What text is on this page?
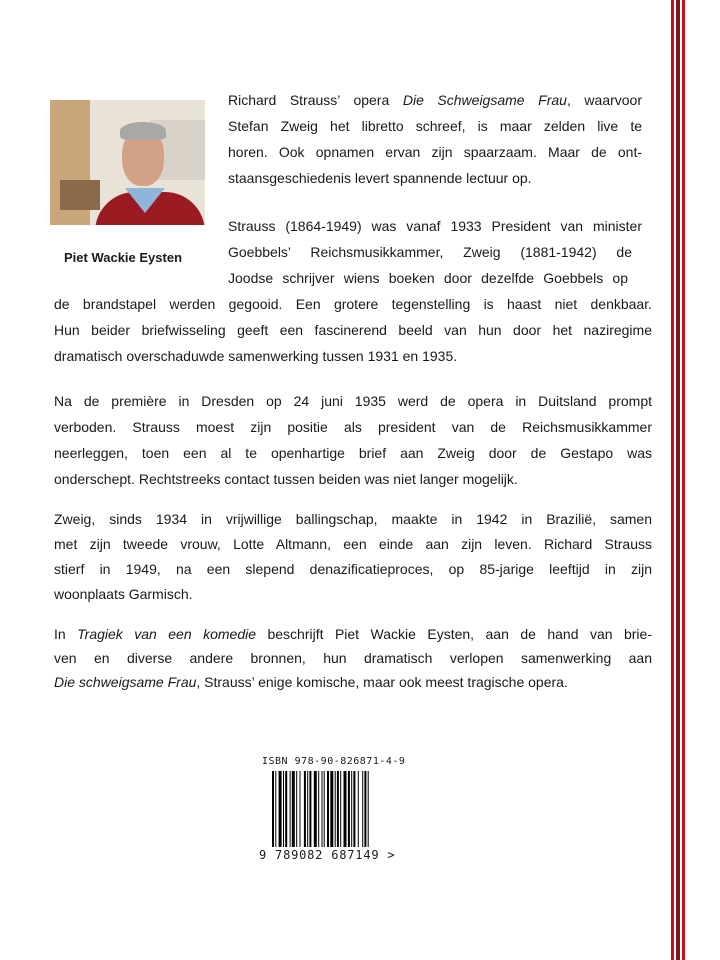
Piet Wackie Eysten
Richard Strauss’ opera Die Schweigsame Frau, waarvoor
Stefan Zweig het libretto schreef, is maar zelden live te
horen. Ook opnamen ervan zijn spaarzaam. Maar de ont-
staansgeschiedenis levert spannende lectuur op.
Strauss (1864-1949) was vanaf 1933 President van minister
Goebbels’ Reichsmusikkammer, Zweig (1881-1942) de
Joodse schrijver wiens boeken door dezelfde Goebbels op
de brandstapel werden gegooid. Een grotere tegenstelling is haast niet denkbaar.
Hun beider briefwisseling geeft een fascinerend beeld van hun door het naziregime
dramatisch overschaduwde samenwerking tussen 1931 en 1935.
Na de première in Dresden op 24 juni 1935 werd de opera in Duitsland prompt
verboden. Strauss moest zijn positie als president van de Reichsmusikkammer
neerleggen, toen een al te openhartige brief aan Zweig door de Gestapo was
onderschept. Rechtstreeks contact tussen beiden was niet langer mogelijk.
Zweig, sinds 1934 in vrijwillige ballingschap, maakte in 1942 in Brazilië, samen
met zijn tweede vrouw, Lotte Altmann, een einde aan zijn leven. Richard Strauss
stierf in 1949, na een slepend denazificatieproces, op 85-jarige leeftijd in zijn
woonplaats Garmisch.
In Tragiek van een komedie beschrijft Piet Wackie Eysten, aan de hand van brie-
ven en diverse andere bronnen, hun dramatisch verlopen samenwerking aan
Die schweigsame Frau, Strauss’ enige komische, maar ook meest tragische opera.
ISBN 978-90-826871-4-9
9 789082 687149 >
